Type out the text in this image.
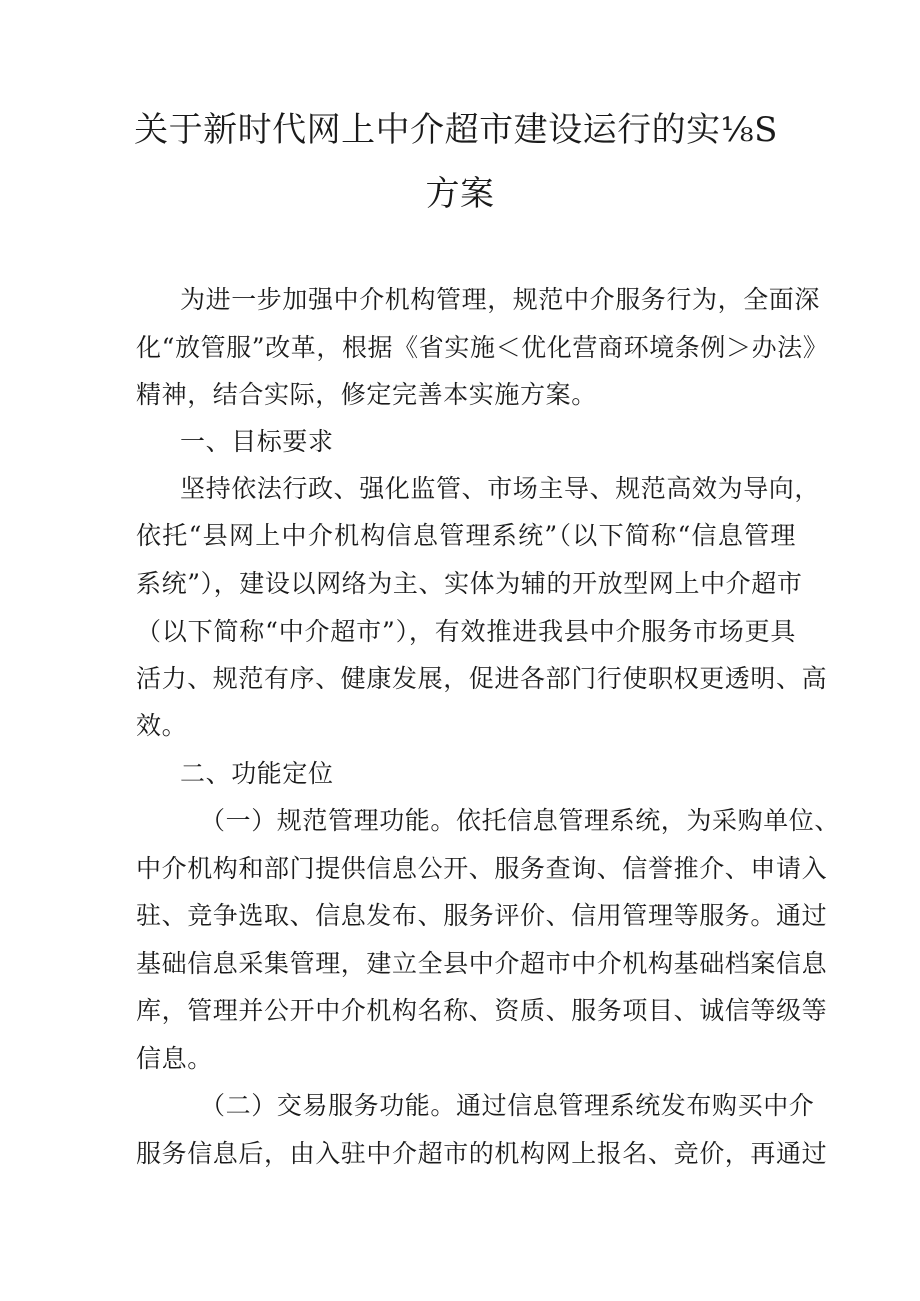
关于新时代网上中介超市建设运行的实⅛S
方案
为进一步加强中介机构管理，规范中介服务行为，全面深
化“放管服”改革，根据《省实施＜优化营商环境条例＞办法》
精神，结合实际，修定完善本实施方案。
一、目标要求
坚持依法行政、强化监管、市场主导、规范高效为导向，
依托“县网上中介机构信息管理系统”（以下简称“信息管理
系统”），建设以网络为主、实体为辅的开放型网上中介超市
（以下简称“中介超市”），有效推进我县中介服务市场更具
活力、规范有序、健康发展，促进各部门行使职权更透明、高
效。
二、功能定位
（一）规范管理功能。依托信息管理系统，为采购单位、
中介机构和部门提供信息公开、服务查询、信誉推介、申请入
驻、竞争选取、信息发布、服务评价、信用管理等服务。通过
基础信息采集管理，建立全县中介超市中介机构基础档案信息
库，管理并公开中介机构名称、资质、服务项目、诚信等级等
信息。
（二）交易服务功能。通过信息管理系统发布购买中介
服务信息后，由入驻中介超市的机构网上报名、竞价，再通过
